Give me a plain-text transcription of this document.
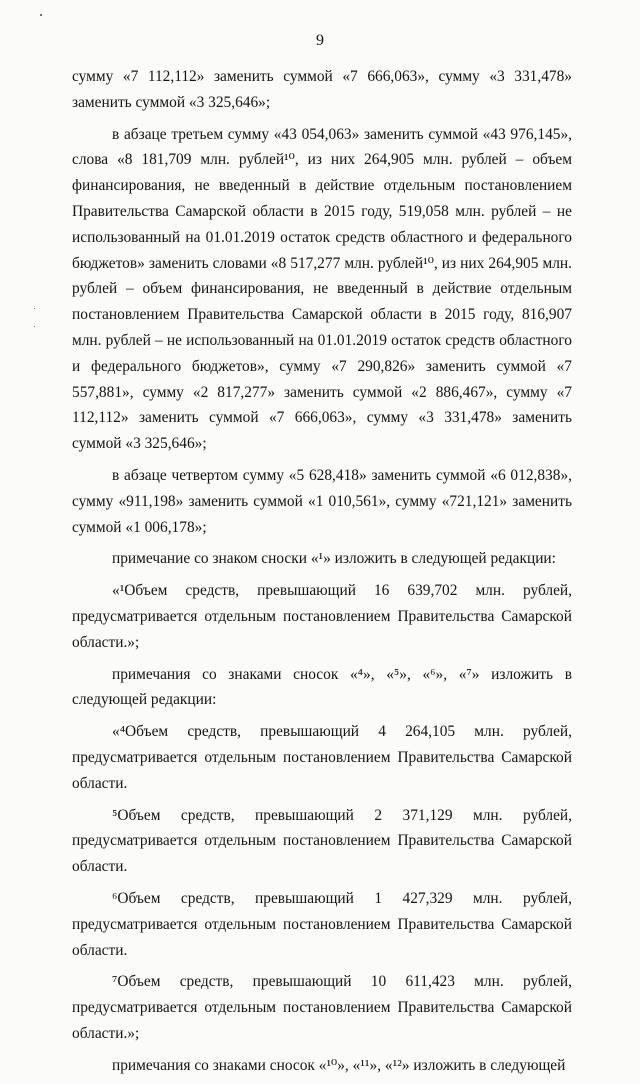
9

сумму «7 112,112» заменить суммой «7 666,063», сумму «3 331,478» заменить суммой «3 325,646»;

в абзаце третьем сумму «43 054,063» заменить суммой «43 976,145», слова «8 181,709 млн. рублей¹⁰, из них 264,905 млн. рублей – объем финансирования, не введенный в действие отдельным постановлением Правительства Самарской области в 2015 году, 519,058 млн. рублей – не использованный на 01.01.2019 остаток средств областного и федерального бюджетов» заменить словами «8 517,277 млн. рублей¹⁰, из них 264,905 млн. рублей – объем финансирования, не введенный в действие отдельным постановлением Правительства Самарской области в 2015 году, 816,907 млн. рублей – не использованный на 01.01.2019 остаток средств областного и федерального бюджетов», сумму «7 290,826» заменить суммой «7 557,881», сумму «2 817,277» заменить суммой «2 886,467», сумму «7 112,112» заменить суммой «7 666,063», сумму «3 331,478» заменить суммой «3 325,646»;

в абзаце четвертом сумму «5 628,418» заменить суммой «6 012,838», сумму «911,198» заменить суммой «1 010,561», сумму «721,121» заменить суммой «1 006,178»;

примечание со знаком сноски «¹» изложить в следующей редакции:

«¹Объем средств, превышающий 16 639,702 млн. рублей, предусматривается отдельным постановлением Правительства Самарской области.»;

примечания со знаками сносок «⁴», «⁵», «⁶», «⁷» изложить в следующей редакции:

«⁴Объем средств, превышающий 4 264,105 млн. рублей, предусматривается отдельным постановлением Правительства Самарской области.

⁵Объем средств, превышающий 2 371,129 млн. рублей, предусматривается отдельным постановлением Правительства Самарской области.

⁶Объем средств, превышающий 1 427,329 млн. рублей, предусматривается отдельным постановлением Правительства Самарской области.

⁷Объем средств, превышающий 10 611,423 млн. рублей, предусматривается отдельным постановлением Правительства Самарской области.»;

примечания со знаками сносок «¹⁰», «¹¹», «¹²» изложить в следующей
